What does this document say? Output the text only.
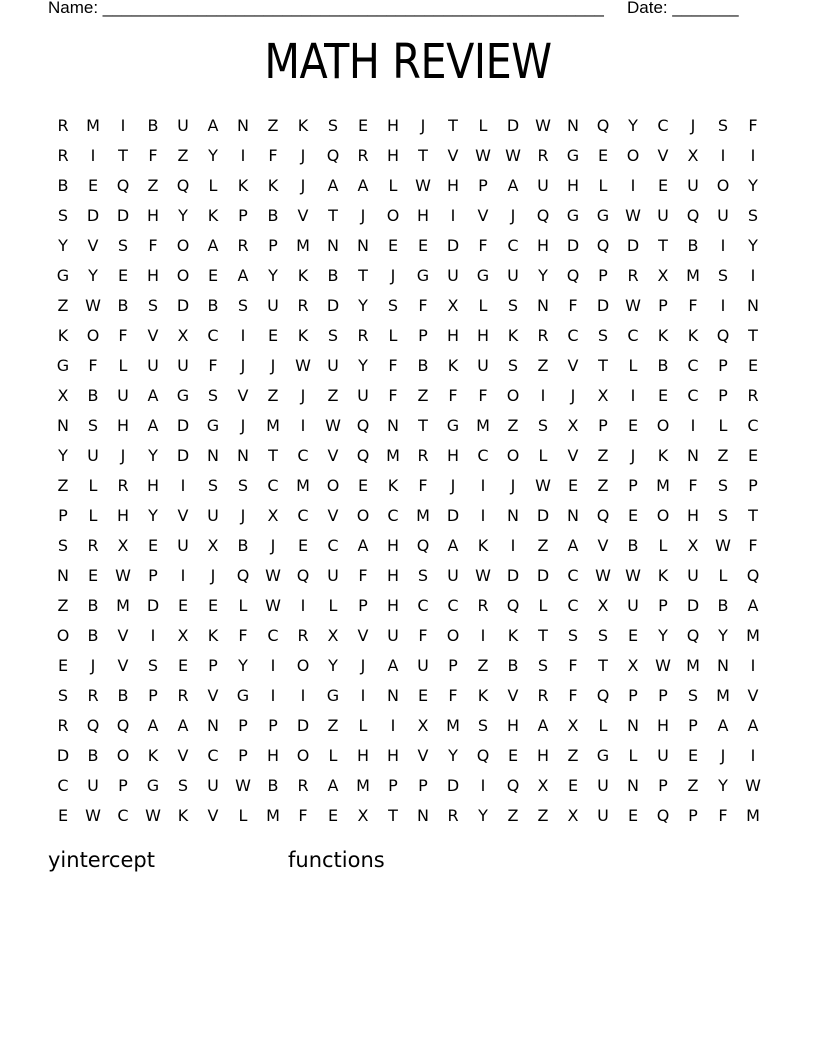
Name: _____________________________________________________ Date: _______
MATH REVIEW
R	M	I	B	U	A	N	Z	K	S	E	H	J	T	L	D W	N	Q	Y	C	J	S	F
R	I	T	F	Z	Y	I	F	J	Q	R	H	T	V	W W	R	G	E	O	V	X	I	I
B	E	Q	Z	Q	L	K	K	J	A	A	L	W	H	P	A	U	H	L	I	E	U	O	Y
S	D	D	H	Y	K	P	B	V	T	J	O	H	I	V	J	Q	G	G W	U	Q	U	S
Y	V	S	F	O	A	R	P	M	N	N	E	E	D	F	C	H	D	Q	D	T	B	I	Y
G	Y	E	H	O	E	A	Y	K	B	T	J	G	U	G	U	Y	Q	P	R	X	M	S	I
Z	W	B	S	D	B	S	U	R	D	Y	S	F	X	L	S	N	F	D W	P	F	I	N
K	O	F	V	X	C	I	E	K	S	R	L	P	H	H	K	R	C	S	C	K	K	Q	T
G	F	L	U	U	F	J	J	W	U	Y	F	B	K	U	S	Z	V	T	L	B	C	P	E
X	B	U	A	G	S	V	Z	J	Z	U	F	Z	F	F	O	I	J	X	I	E	C	P	R
N	S	H	A	D	G	J	M	I	W Q	N	T	G	M	Z	S	X	P	E	O	I	L	C
Y	U	J	Y	D	N	N	T	C	V	Q	M	R	H	C	O	L	V	Z	J	K	N	Z	E
Z	L	R	H	I	S	S	C	M	O	E	K	F	J	I	J	W	E	Z	P	M	F	S	P
P	L	H	Y	V	U	J	X	C	V	O	C	M	D	I	N	D	N	Q	E	O	H	S	T
S	R	X	E	U	X	B	J	E	C	A	H	Q	A	K	I	Z	A	V	B	L	X	W	F
N	E	W	P	I	J	Q W Q	U	F	H	S	U	W D	D	C	W W	K	U	L	Q
Z	B	M	D	E	E	L	W	I	L	P	H	C	C	R	Q	L	C	X	U	P	D	B	A
O	B	V	I	X	K	F	C	R	X	V	U	F	O	I	K	T	S	S	E	Y	Q	Y	M
E	J	V	S	E	P	Y	I	O	Y	J	A	U	P	Z	B	S	F	T	X	W M	N	I
S	R	B	P	R	V	G	I	I	G	I	N	E	F	K	V	R	F	Q	P	P	S	M	V
R	Q	Q	A	A	N	P	P	D	Z	L	I	X	M	S	H	A	X	L	N	H	P	A	A
D	B	O	K	V	C	P	H	O	L	H	H	V	Y	Q	E	H	Z	G	L	U	E	J	I
C	U	P	G	S	U	W	B	R	A	M	P	P	D	I	Q	X	E	U	N	P	Z	Y	W
E	W	C	W	K	V	L	M	F	E	X	T	N	R	Y	Z	Z	X	U	E	Q	P	F	M
yintercept	functions
